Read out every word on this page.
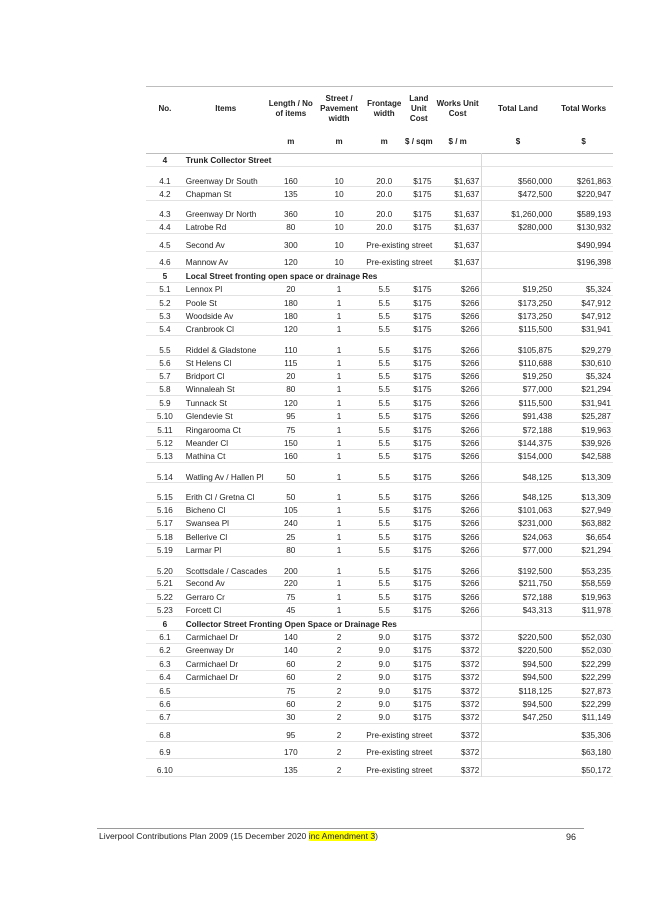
No.	Items	Length / No of items	Street / Pavement width	Frontage width	Land Unit Cost	Works Unit Cost	Total Land	Total Works
		m	m	m	$ / sqm	$ / m	$	$
4	Trunk Collector Street							
4.1	Greenway Dr South	160	10	20.0	$175	$1,637	$560,000	$261,863
4.2	Chapman St	135	10	20.0	$175	$1,637	$472,500	$220,947
4.3	Greenway Dr North	360	10	20.0	$175	$1,637	$1,260,000	$589,193
4.4	Latrobe Rd	80	10	20.0	$175	$1,637	$280,000	$130,932
4.5	Second Av	300	10	Pre-existing street		$1,637		$490,994
4.6	Mannow Av	120	10	Pre-existing street		$1,637		$196,398
5	Local Street fronting open space or drainage Res							
5.1	Lennox Pl	20	1	5.5	$175	$266	$19,250	$5,324
5.2	Poole St	180	1	5.5	$175	$266	$173,250	$47,912
5.3	Woodside Av	180	1	5.5	$175	$266	$173,250	$47,912
5.4	Cranbrook Cl	120	1	5.5	$175	$266	$115,500	$31,941
5.5	Riddel & Gladstone	110	1	5.5	$175	$266	$105,875	$29,279
5.6	St Helens Cl	115	1	5.5	$175	$266	$110,688	$30,610
5.7	Bridport Cl	20	1	5.5	$175	$266	$19,250	$5,324
5.8	Winnaleah St	80	1	5.5	$175	$266	$77,000	$21,294
5.9	Tunnack St	120	1	5.5	$175	$266	$115,500	$31,941
5.10	Glendevie St	95	1	5.5	$175	$266	$91,438	$25,287
5.11	Ringarooma Ct	75	1	5.5	$175	$266	$72,188	$19,963
5.12	Meander Cl	150	1	5.5	$175	$266	$144,375	$39,926
5.13	Mathina Ct	160	1	5.5	$175	$266	$154,000	$42,588
5.14	Watling Av / Hallen Pl	50	1	5.5	$175	$266	$48,125	$13,309
5.15	Erith Cl / Gretna Cl	50	1	5.5	$175	$266	$48,125	$13,309
5.16	Bicheno Cl	105	1	5.5	$175	$266	$101,063	$27,949
5.17	Swansea Pl	240	1	5.5	$175	$266	$231,000	$63,882
5.18	Bellerive Cl	25	1	5.5	$175	$266	$24,063	$6,654
5.19	Larmar Pl	80	1	5.5	$175	$266	$77,000	$21,294
5.20	Scottsdale / Cascades	200	1	5.5	$175	$266	$192,500	$53,235
5.21	Second Av	220	1	5.5	$175	$266	$211,750	$58,559
5.22	Gerraro Cr	75	1	5.5	$175	$266	$72,188	$19,963
5.23	Forcett Cl	45	1	5.5	$175	$266	$43,313	$11,978
6	Collector Street Fronting Open Space or Drainage Res							
6.1	Carmichael Dr	140	2	9.0	$175	$372	$220,500	$52,030
6.2	Greenway Dr	140	2	9.0	$175	$372	$220,500	$52,030
6.3	Carmichael Dr	60	2	9.0	$175	$372	$94,500	$22,299
6.4	Carmichael Dr	60	2	9.0	$175	$372	$94,500	$22,299
6.5		75	2	9.0	$175	$372	$118,125	$27,873
6.6		60	2	9.0	$175	$372	$94,500	$22,299
6.7		30	2	9.0	$175	$372	$47,250	$11,149
6.8		95	2	Pre-existing street		$372		$35,306
6.9		170	2	Pre-existing street		$372		$63,180
6.10		135	2	Pre-existing street		$372		$50,172
Liverpool Contributions Plan 2009 (15 December 2020 inc Amendment 3)	96
